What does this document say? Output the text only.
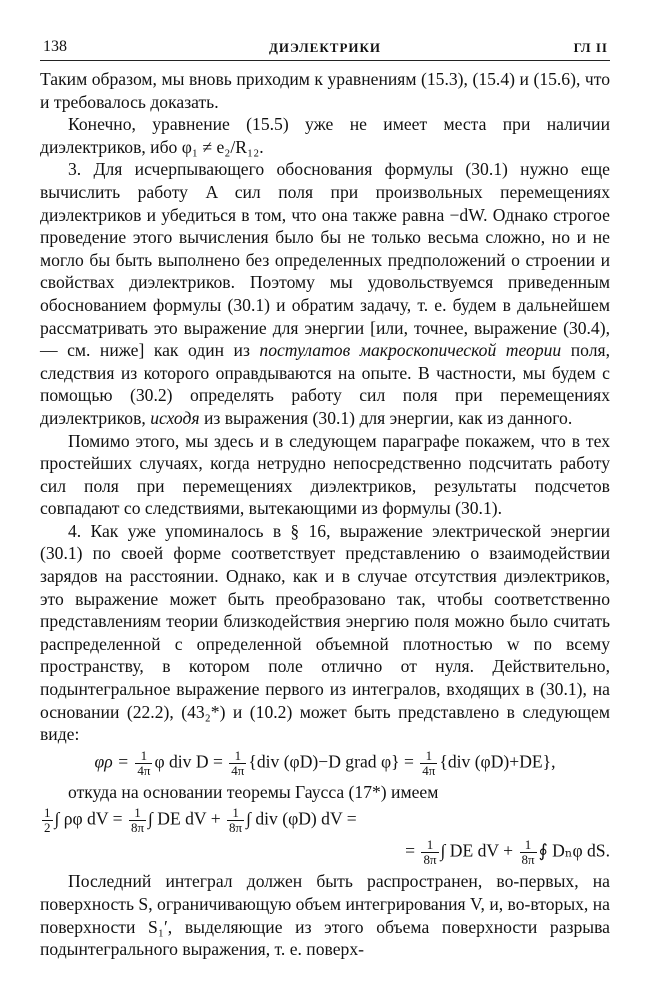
138	ДИЭЛЕКТРИКИ	ГЛ II

Таким образом, мы вновь приходим к уравнениям (15.3), (15.4) и (15.6), что и требовалось доказать.

Конечно, уравнение (15.5) уже не имеет места при наличии диэлектриков, ибо φ₁ ≠ e₂/R₁₂.

3. Для исчерпывающего обоснования формулы (30.1) нужно еще вычислить работу A сил поля при произвольных перемещениях диэлектриков и убедиться в том, что она также равна −dW. Однако строгое проведение этого вычисления было бы не только весьма сложно, но и не могло бы быть выполнено без определенных предположений о строении и свойствах диэлектриков. Поэтому мы удовольствуемся приведенным обоснованием формулы (30.1) и обратим задачу, т. е. будем в дальнейшем рассматривать это выражение для энергии [или, точнее, выражение (30.4), — см. ниже] как один из постулатов макроскопической теории поля, следствия из которого оправдываются на опыте. В частности, мы будем с помощью (30.2) определять работу сил поля при перемещениях диэлектриков, исходя из выражения (30.1) для энергии, как из данного.

Помимо этого, мы здесь и в следующем параграфе покажем, что в тех простейших случаях, когда нетрудно непосредственно подсчитать работу сил поля при перемещениях диэлектриков, результаты подсчетов совпадают со следствиями, вытекающими из формулы (30.1).

4. Как уже упоминалось в § 16, выражение электрической энергии (30.1) по своей форме соответствует представлению о взаимодействии зарядов на расстоянии. Однако, как и в случае отсутствия диэлектриков, это выражение может быть преобразовано так, чтобы соответственно представлениям теории близкодействия энергию поля можно было считать распределенной с определенной объемной плотностью w по всему пространству, в котором поле отлично от нуля. Действительно, подынтегральное выражение первого из интегралов, входящих в (30.1), на основании (22.2), (43₂*) и (10.2) может быть представлено в следующем виде:

$\varphi\rho = \frac{1}{4\pi}$ φ div $D = \frac{1}{4\pi} \{div$ (φD)−D grad $\varphi\} = \frac{1}{4\pi} \{div$ (φD)+DE},

откуда на основании теоремы Гаусса (17*) имеем

$\frac{1}{2}$ ∫ ρφ dV = $\frac{1}{8\pi}$ ∫ DE dV + $\frac{1}{8\pi}$ ∫ div (φD) dV =
= $\frac{1}{8\pi}$ ∫ DE dV + $\frac{1}{8\pi}$ ∮ Dₙφ dS.

Последний интеграл должен быть распространен, во-первых, на поверхность S, ограничивающую объем интегрирования V, и, во-вторых, на поверхности S₁′, выделяющие из этого объема поверхности разрыва подынтегрального выражения, т. е. поверх-
